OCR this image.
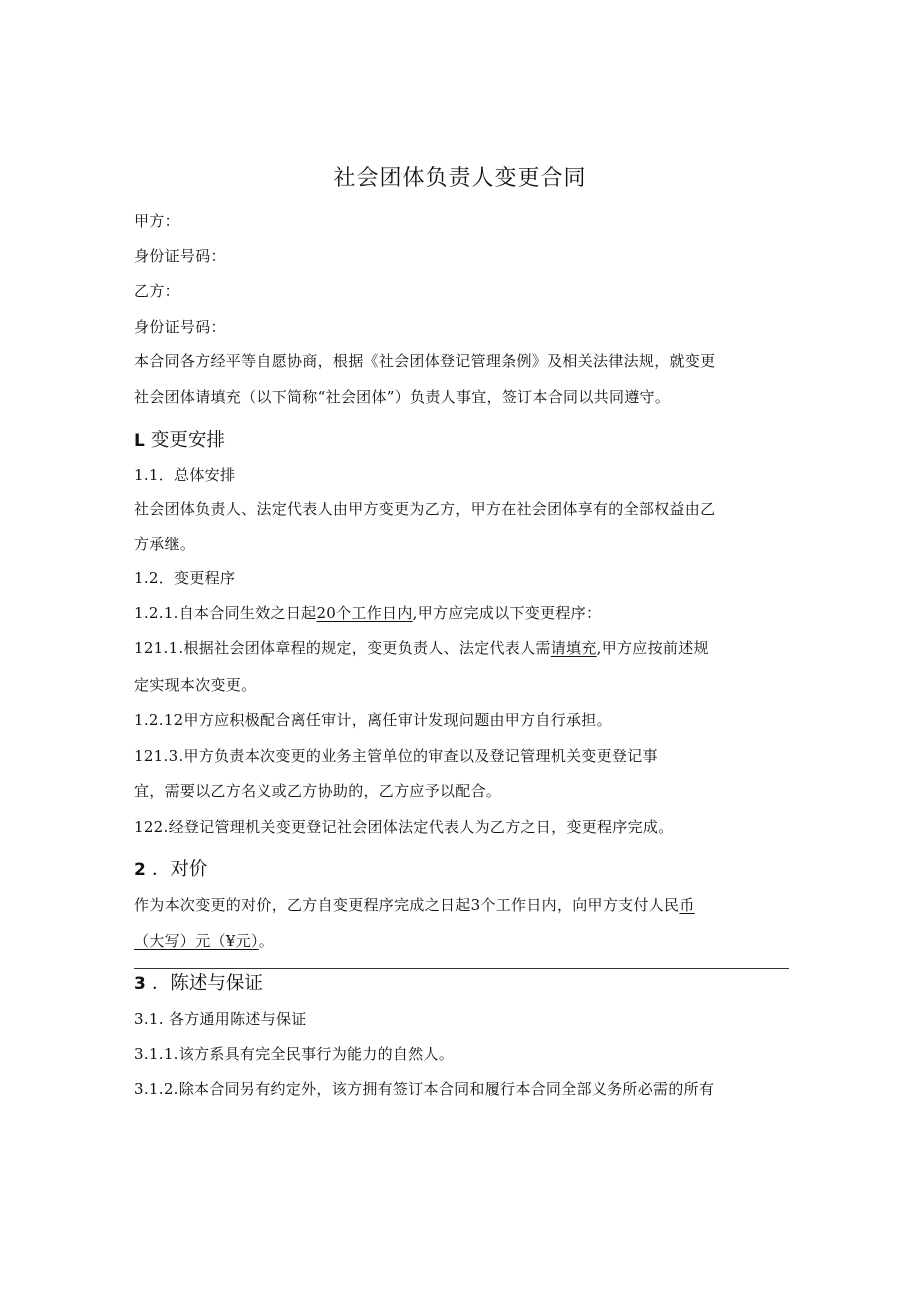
社会团体负责人变更合同
甲方：
身份证号码：
乙方：
身份证号码：
本合同各方经平等自愿协商，根据《社会团体登记管理条例》及相关法律法规，就变更
社会团体请填充（以下简称“社会团体”）负责人事宜，签订本合同以共同遵守。
L 变更安排
1.1．总体安排
社会团体负责人、法定代表人由甲方变更为乙方，甲方在社会团体享有的全部权益由乙
方承继。
1.2．变更程序
1.2.1.自本合同生效之日起20个工作日内,甲方应完成以下变更程序：
121.1.根据社会团体章程的规定，变更负责人、法定代表人需请填充,甲方应按前述规
定实现本次变更。
1.2.12甲方应积极配合离任审计，离任审计发现问题由甲方自行承担。
121.3.甲方负责本次变更的业务主管单位的审查以及登记管理机关变更登记事
宜，需要以乙方名义或乙方协助的，乙方应予以配合。
122.经登记管理机关变更登记社会团体法定代表人为乙方之日，变更程序完成。
2 ．对价
作为本次变更的对价，乙方自变更程序完成之日起3个工作日内，向甲方支付人民币
（大写）元（¥元）。
3 ．陈述与保证
3.1. 各方通用陈述与保证
3.1.1.该方系具有完全民事行为能力的自然人。
3.1.2.除本合同另有约定外，该方拥有签订本合同和履行本合同全部义务所必需的所有
